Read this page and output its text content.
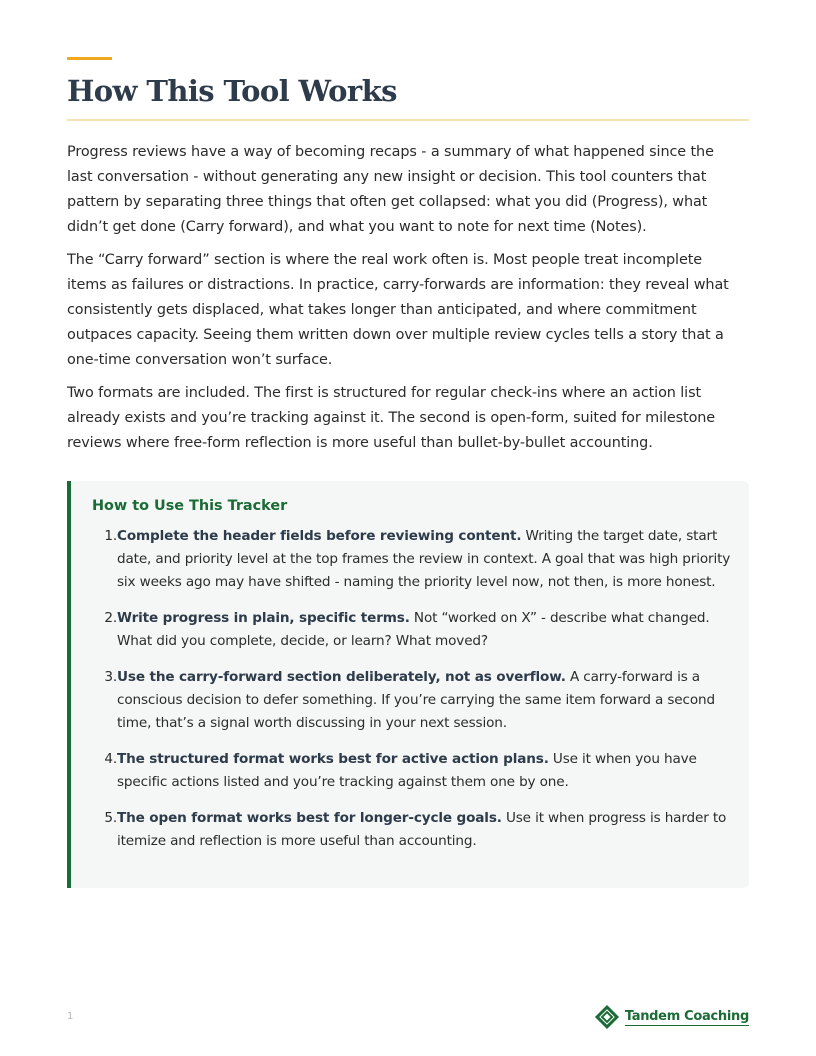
How This Tool Works

Progress reviews have a way of becoming recaps - a summary of what happened since the last conversation - without generating any new insight or decision. This tool counters that pattern by separating three things that often get collapsed: what you did (Progress), what didn’t get done (Carry forward), and what you want to note for next time (Notes).

The “Carry forward” section is where the real work often is. Most people treat incomplete items as failures or distractions. In practice, carry-forwards are information: they reveal what consistently gets displaced, what takes longer than anticipated, and where commitment outpaces capacity. Seeing them written down over multiple review cycles tells a story that a one-time conversation won’t surface.

Two formats are included. The first is structured for regular check-ins where an action list already exists and you’re tracking against it. The second is open-form, suited for milestone reviews where free-form reflection is more useful than bullet-by-bullet accounting.

How to Use This Tracker
1. Complete the header fields before reviewing content. Writing the target date, start date, and priority level at the top frames the review in context. A goal that was high priority six weeks ago may have shifted - naming the priority level now, not then, is more honest.
2. Write progress in plain, specific terms. Not “worked on X” - describe what changed. What did you complete, decide, or learn? What moved?
3. Use the carry-forward section deliberately, not as overflow. A carry-forward is a conscious decision to defer something. If you’re carrying the same item forward a second time, that’s a signal worth discussing in your next session.
4. The structured format works best for active action plans. Use it when you have specific actions listed and you’re tracking against them one by one.
5. The open format works best for longer-cycle goals. Use it when progress is harder to itemize and reflection is more useful than accounting.
1	Tandem Coaching
